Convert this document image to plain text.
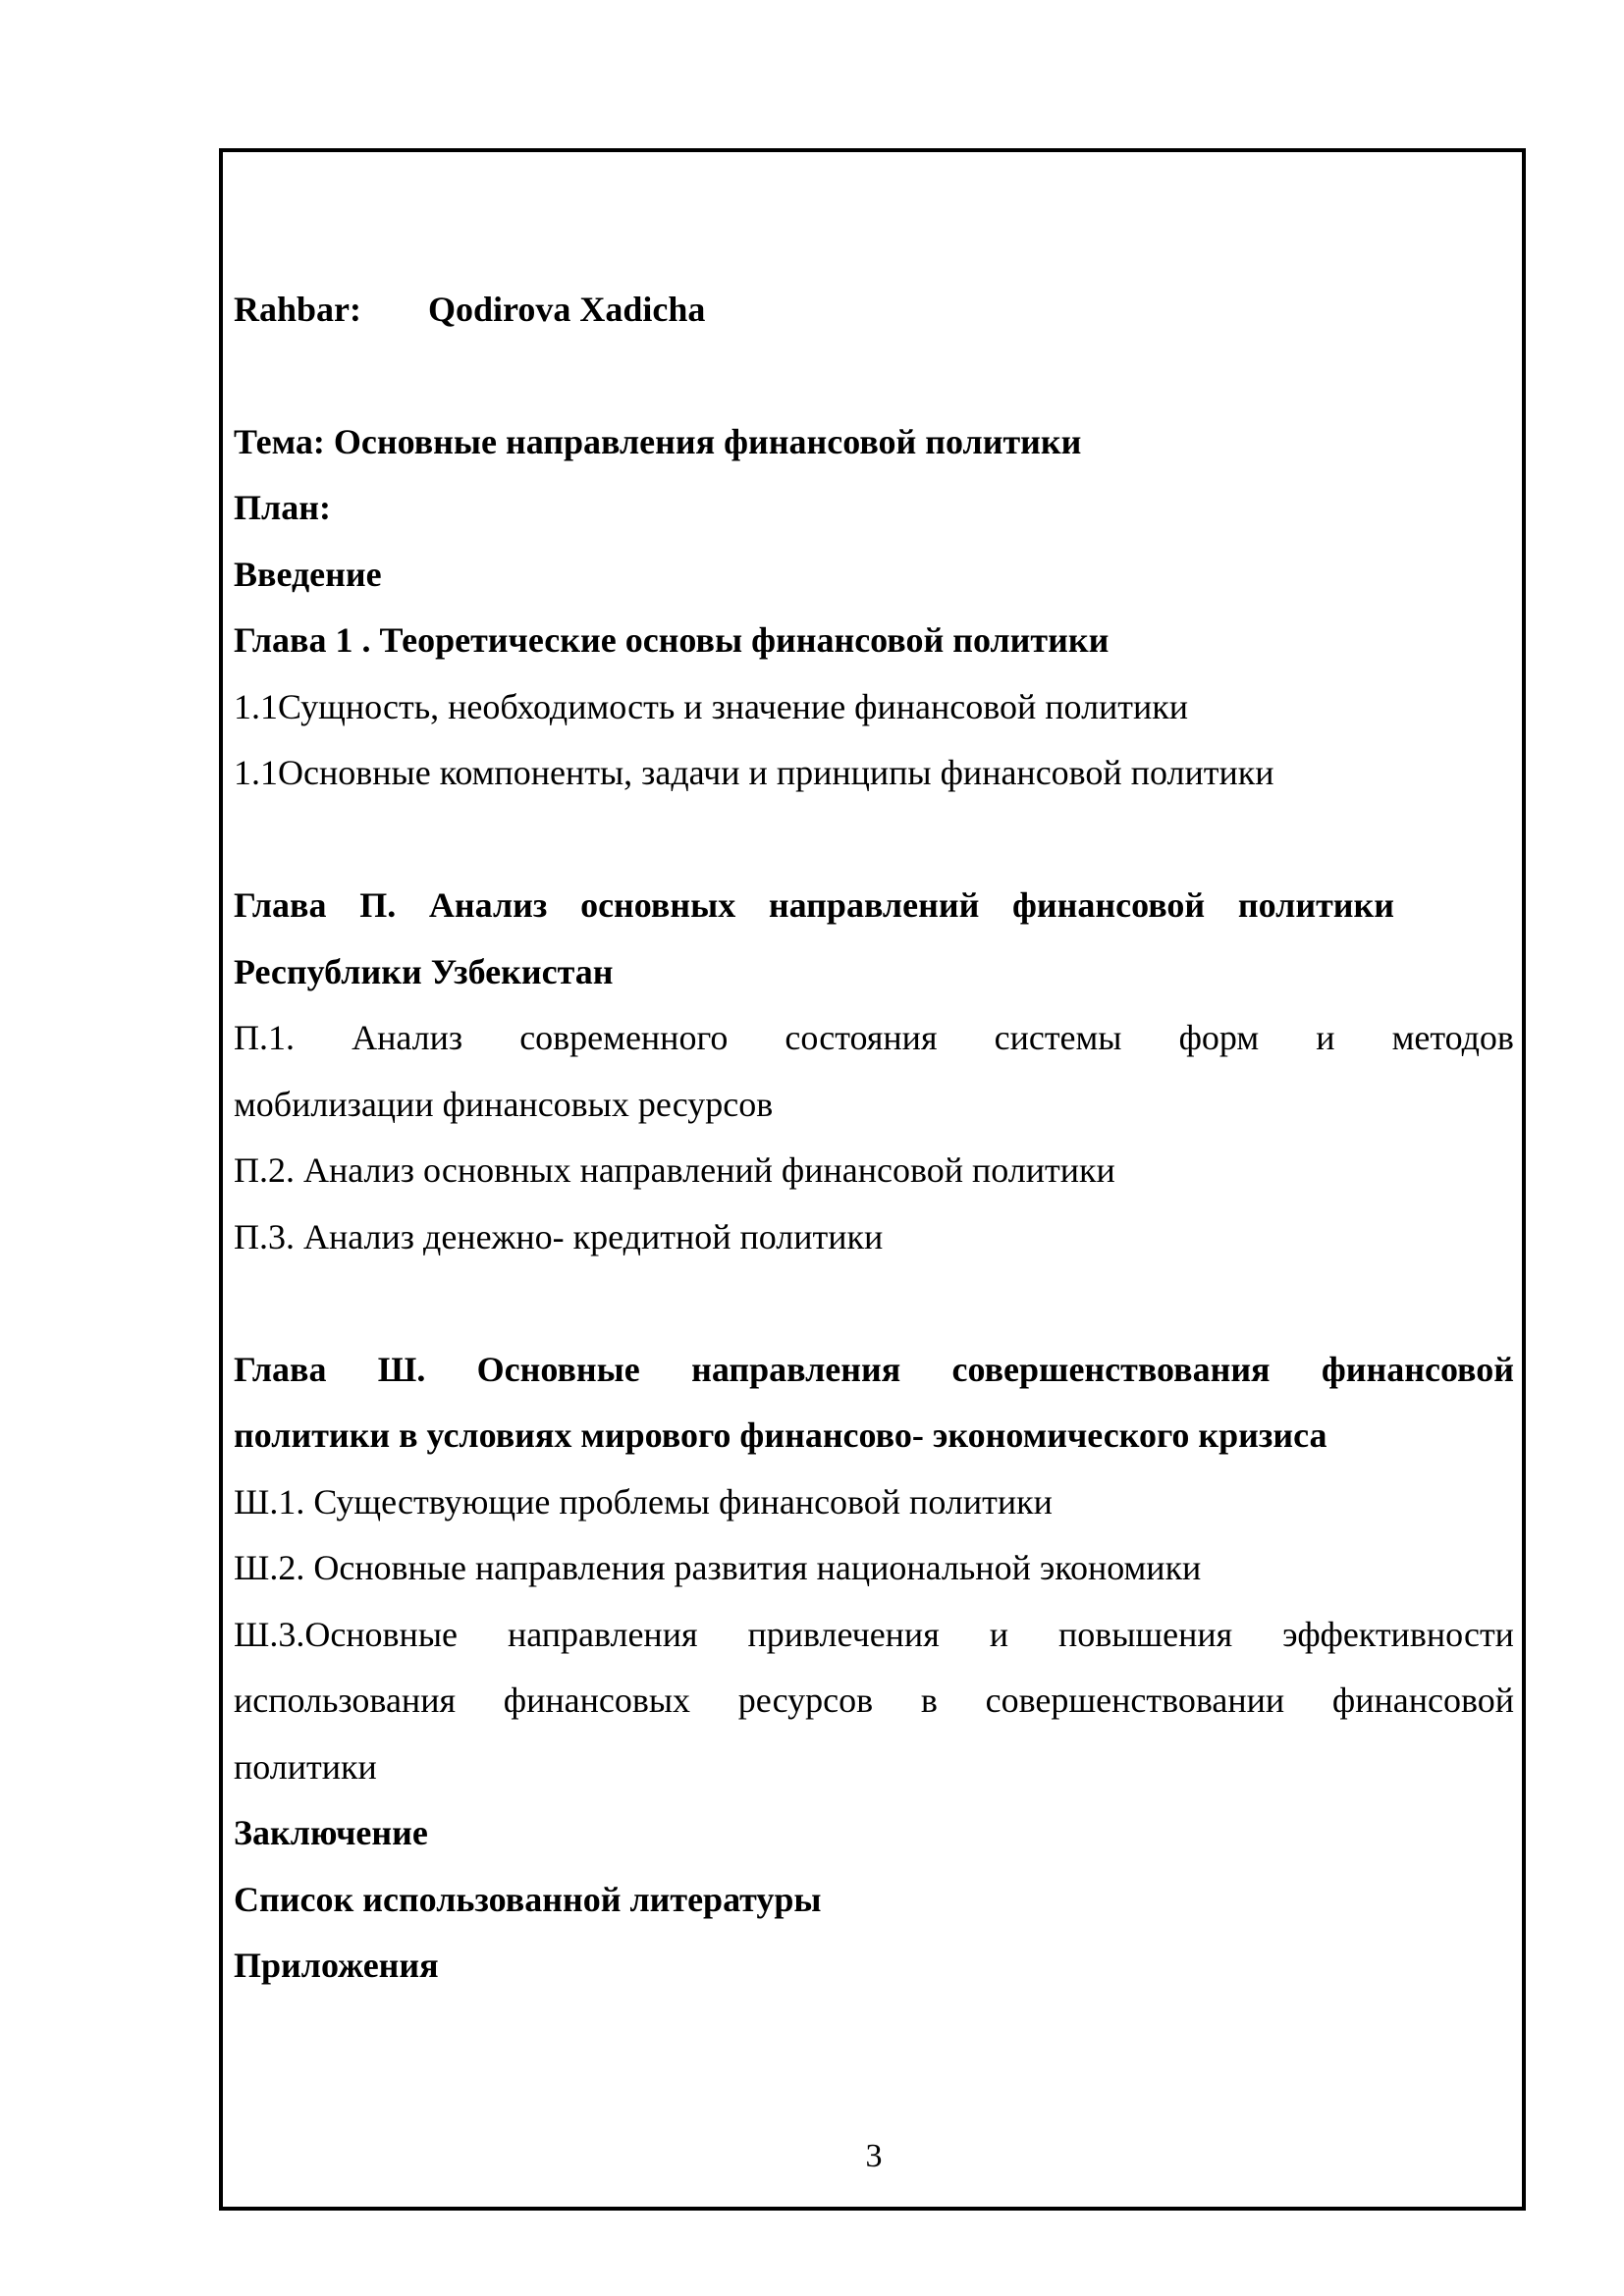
Rahbar: Qodirova Xadicha
Тема: Основные направления финансовой политики
План:
Введение
Глава 1 . Теоретические основы финансовой политики
1.1Сущность, необходимость и значение финансовой политики
1.1Основные компоненты, задачи и принципы финансовой политики
Глава П. Анализ основных направлений финансовой политики
Республики Узбекистан
П.1. Анализ современного состояния системы форм и методов
мобилизации финансовых ресурсов
П.2. Анализ основных направлений финансовой политики
П.3. Анализ денежно- кредитной политики
Глава Ш. Основные направления совершенствования финансовой
политики в условиях мирового финансово- экономического кризиса
Ш.1. Существующие проблемы финансовой политики
Ш.2. Основные направления развития национальной экономики
Ш.3.Основные направления привлечения и повышения эффективности
использования финансовых ресурсов в совершенствовании финансовой
политики
Заключение
Список использованной литературы
Приложения
3
